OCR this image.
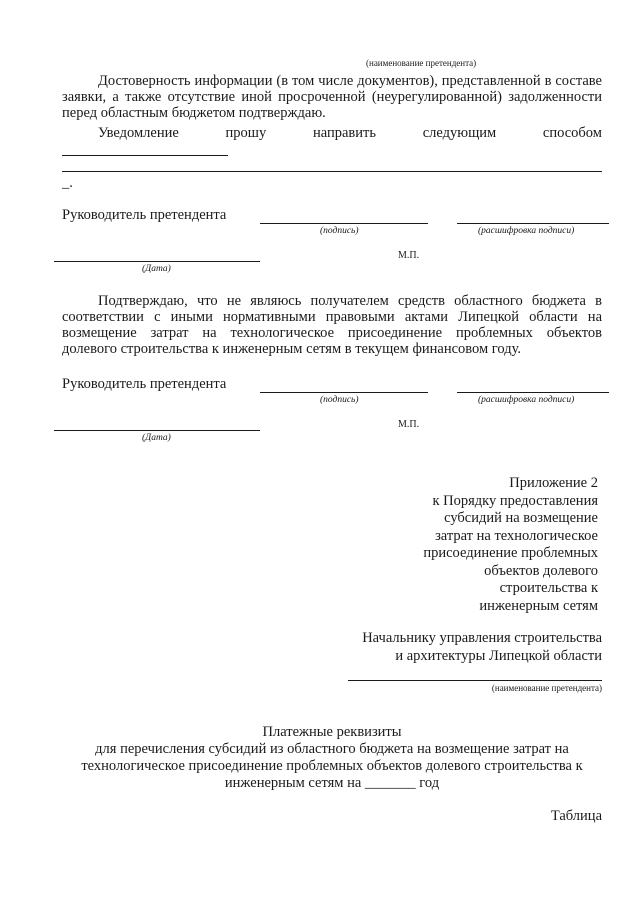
(наименование претендента)
Достоверность информации (в том числе документов), представленной в составе
заявки, а также отсутствие иной просроченной (неурегулированной) задолженности
перед областным бюджетом подтверждаю.
Уведомление	прошу	направить	следующим	способом
_.
Руководитель претендента
(подпись)	(расшифровка подписи)
М.П.
(Дата)
Подтверждаю, что не являюсь получателем средств областного бюджета в
соответствии с иными нормативными правовыми актами Липецкой области на
возмещение затрат на технологическое присоединение проблемных объектов
долевого строительства к инженерным сетям в текущем финансовом году.
Руководитель претендента
(подпись)	(расшифровка подписи)
М.П.
(Дата)
Приложение 2
к Порядку предоставления
субсидий на возмещение
затрат на технологическое
присоединение проблемных
объектов долевого
строительства к
инженерным сетям
Начальнику управления строительства
и архитектуры Липецкой области
(наименование претендента)
Платежные реквизиты
для перечисления субсидий из областного бюджета на возмещение затрат на
технологическое присоединение проблемных объектов долевого строительства к
инженерным сетям на _______ год
Таблица
